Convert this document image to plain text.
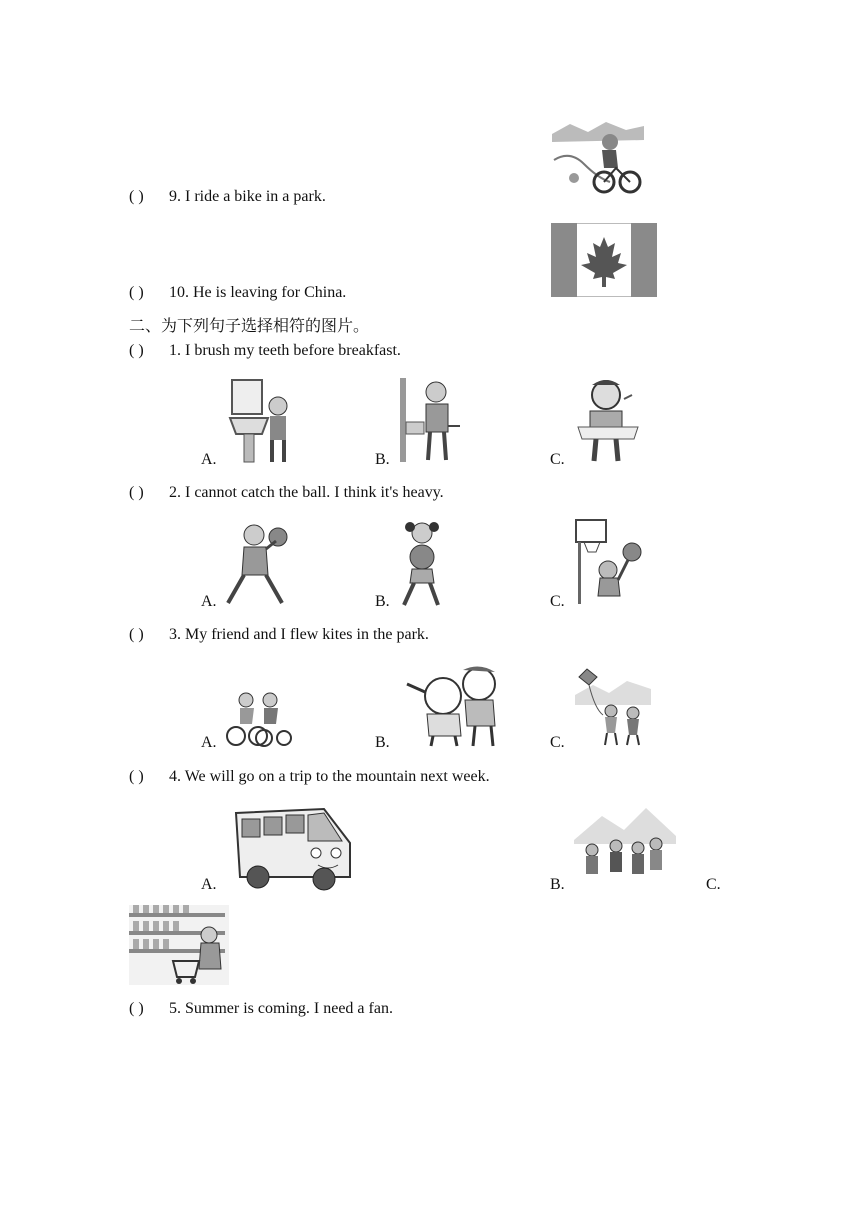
( ) 9. I ride a bike in a park.
( ) 10. He is leaving for China.
二、为下列句子选择相符的图片。
( ) 1. I brush my teeth before breakfast.
A.	B.	C.
( ) 2. I cannot catch the ball. I think it's heavy.
A.	B.	C.
( ) 3. My friend and I flew kites in the park.
A.	B.	C.
( ) 4. We will go on a trip to the mountain next week.
A.	B.	C.
( ) 5. Summer is coming. I need a fan.
